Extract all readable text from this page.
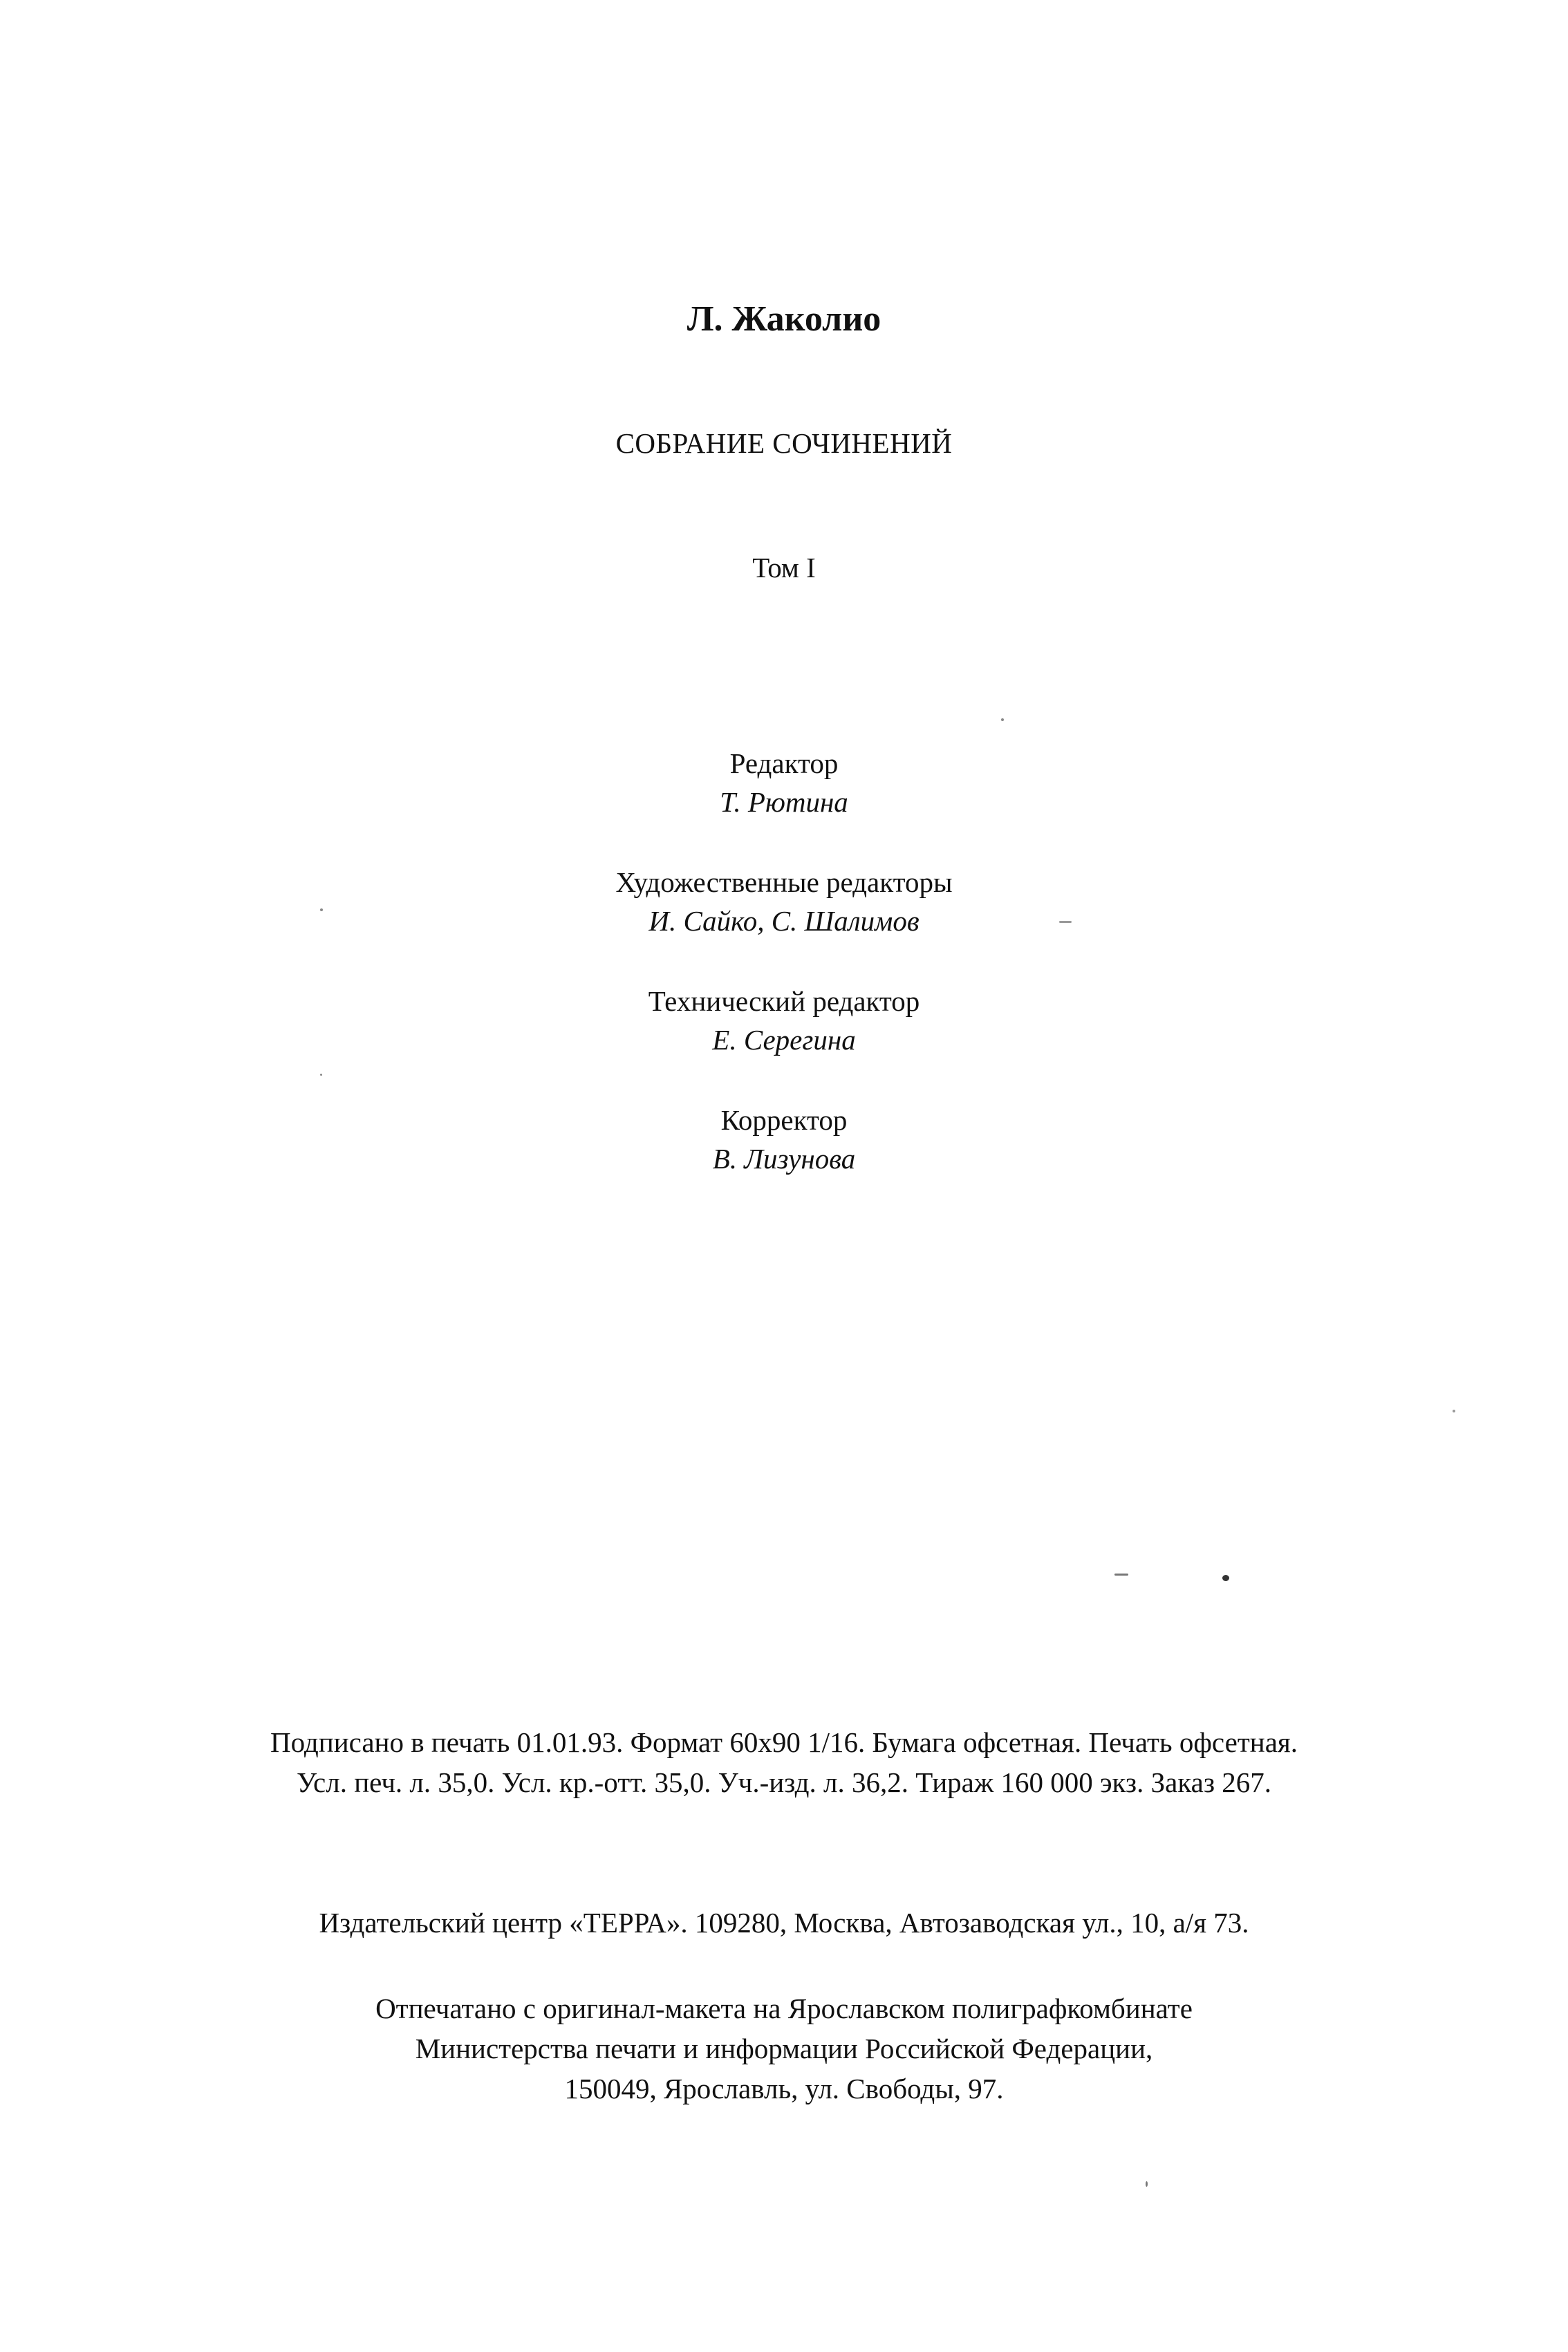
Л. Жаколио
СОБРАНИЕ СОЧИНЕНИЙ
Том I
Редактор
Т. Рютина
Художественные редакторы
И. Сайко, С. Шалимов
Технический редактор
Е. Серегина
Корректор
В. Лизунова
Подписано в печать 01.01.93. Формат 60х90 1/16. Бумага офсетная. Печать офсетная.
Усл. печ. л. 35,0. Усл. кр.-отт. 35,0. Уч.-изд. л. 36,2. Тираж 160 000 экз. Заказ 267.
Издательский центр «ТЕРРА». 109280, Москва, Автозаводская ул., 10, а/я 73.
Отпечатано с оригинал-макета на Ярославском полиграфкомбинате
Министерства печати и информации Российской Федерации,
150049, Ярославль, ул. Свободы, 97.
